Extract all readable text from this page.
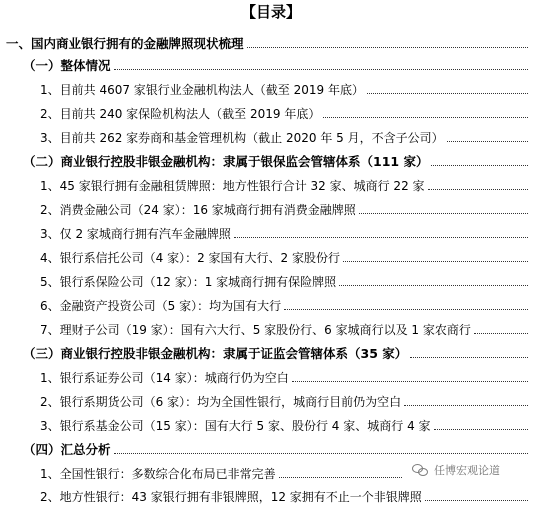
【目录】
一、国内商业银行拥有的金融牌照现状梳理
（一）整体情况
1、目前共 4607 家银行业金融机构法人（截至 2019 年底）
2、目前共 240 家保险机构法人（截至 2019 年底）
3、目前共 262 家券商和基金管理机构（截止 2020 年 5 月，不含子公司）
（二）商业银行控股非银金融机构：隶属于银保监会管辖体系（111 家）
1、45 家银行拥有金融租赁牌照：地方性银行合计 32 家、城商行 22 家
2、消费金融公司（24 家）：16 家城商行拥有消费金融牌照
3、仅 2 家城商行拥有汽车金融牌照
4、银行系信托公司（4 家）：2 家国有大行、2 家股份行
5、银行系保险公司（12 家）：1 家城商行拥有保险牌照
6、金融资产投资公司（5 家）：均为国有大行
7、理财子公司（19 家）：国有六大行、5 家股份行、6 家城商行以及 1 家农商行
（三）商业银行控股非银金融机构：隶属于证监会管辖体系（35 家）
1、银行系证券公司（14 家）：城商行仍为空白
2、银行系期货公司（6 家）：均为全国性银行，城商行目前仍为空白
3、银行系基金公司（15 家）：国有大行 5 家、股份行 4 家、城商行 4 家
（四）汇总分析
1、全国性银行：多数综合化布局已非常完善
2、地方性银行：43 家银行拥有非银牌照，12 家拥有不止一个非银牌照
任博宏观论道
